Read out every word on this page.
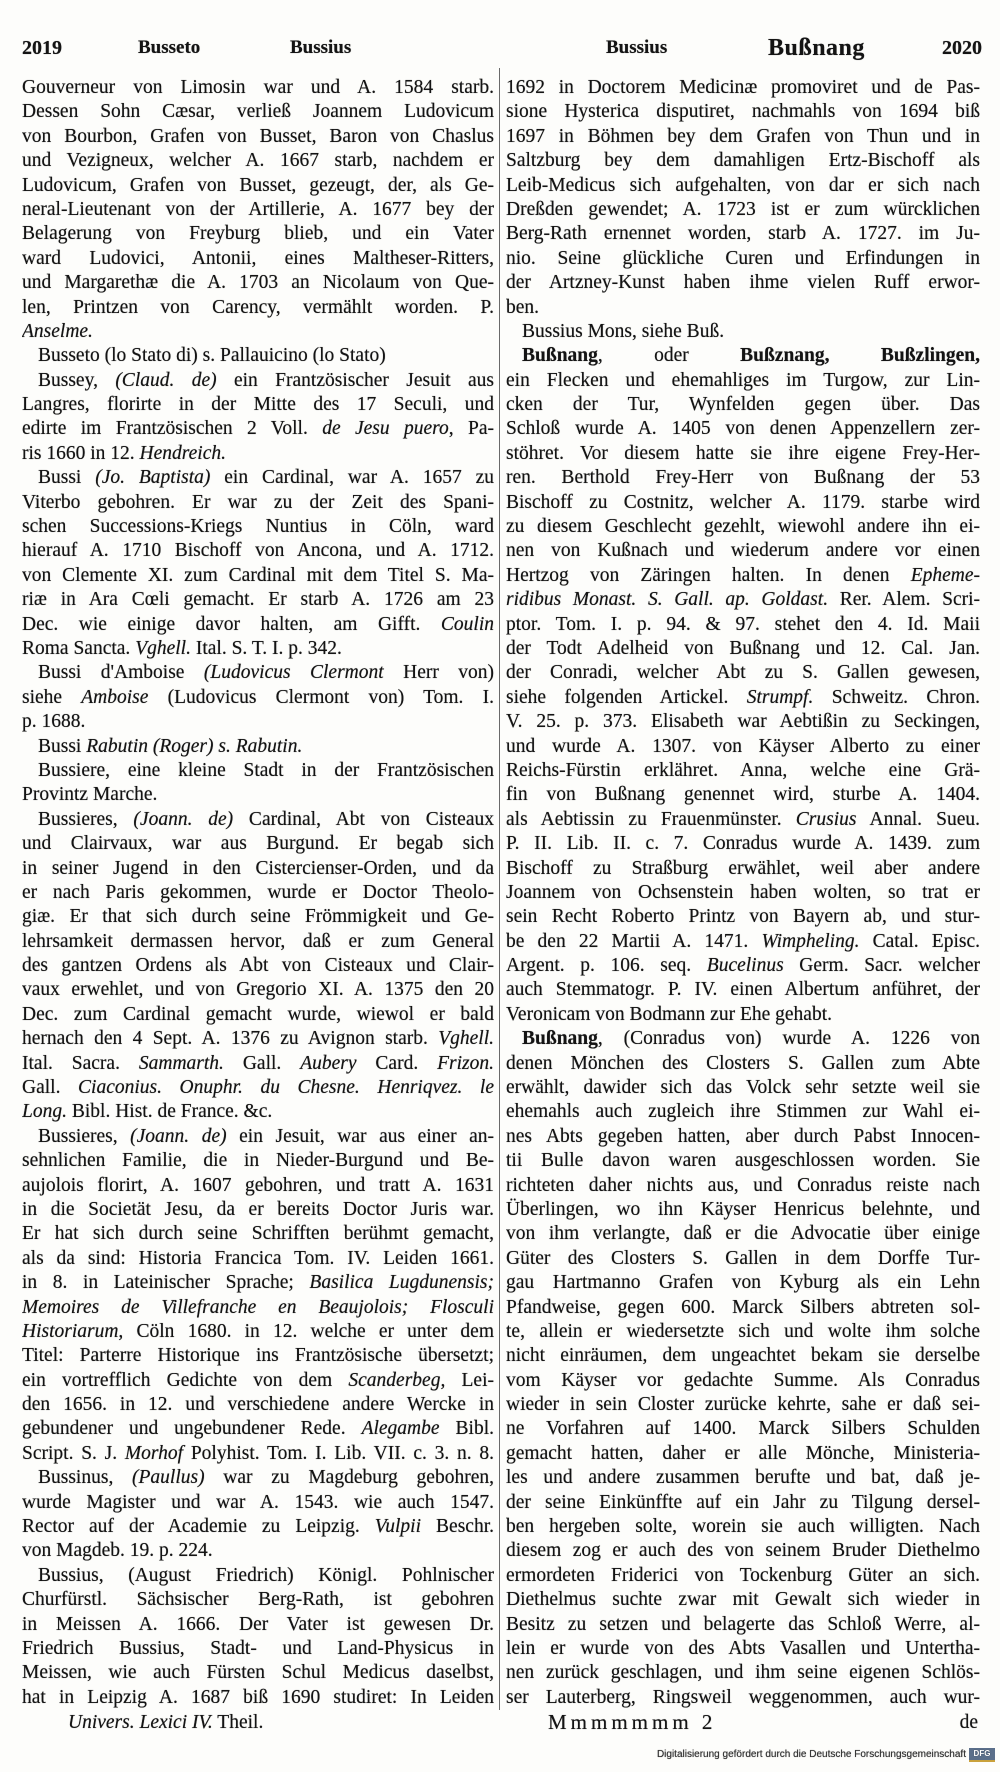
2019	Busseto	Bussius	Bussius	Bußnang	2020
Gouverneur von Limosin war und A. 1584 starb.
Dessen Sohn Cæsar, verließ Joannem Ludovicum
von Bourbon, Grafen von Busset, Baron von Chaslus
und Vezigneux, welcher A. 1667 starb, nachdem er
Ludovicum, Grafen von Busset, gezeugt, der, als Ge-
neral-Lieutenant von der Artillerie, A. 1677 bey der
Belagerung von Freyburg blieb, und ein Vater
ward Ludovici, Antonii, eines Maltheser-Ritters,
und Margarethæ die A. 1703 an Nicolaum von Que-
len, Printzen von Carency, vermählt worden. P.
Anselme.
Busseto (lo Stato di) s. Pallauicino (lo Stato)
Bussey, (Claud. de) ein Frantzösischer Jesuit aus
Langres, florirte in der Mitte des 17 Seculi, und
edirte im Frantzösischen 2 Voll. de Jesu puero, Pa-
ris 1660 in 12. Hendreich.
Bussi (Jo. Baptista) ein Cardinal, war A. 1657 zu
Viterbo gebohren. Er war zu der Zeit des Spani-
schen Successions-Kriegs Nuntius in Cöln, ward
hierauf A. 1710 Bischoff von Ancona, und A. 1712.
von Clemente XI. zum Cardinal mit dem Titel S. Ma-
riæ in Ara Cœli gemacht. Er starb A. 1726 am 23
Dec. wie einige davor halten, am Gifft. Coulin
Roma Sancta. Vghell. Ital. S. T. I. p. 342.
Bussi d'Amboise (Ludovicus Clermont Herr von)
siehe Amboise (Ludovicus Clermont von) Tom. I.
p. 1688.
Bussi Rabutin (Roger) s. Rabutin.
Bussiere, eine kleine Stadt in der Frantzösischen
Provintz Marche.
Bussieres, (Joann. de) Cardinal, Abt von Cisteaux
und Clairvaux, war aus Burgund. Er begab sich
in seiner Jugend in den Cistercienser-Orden, und da
er nach Paris gekommen, wurde er Doctor Theolo-
giæ. Er that sich durch seine Frömmigkeit und Ge-
lehrsamkeit dermassen hervor, daß er zum General
des gantzen Ordens als Abt von Cisteaux und Clair-
vaux erwehlet, und von Gregorio XI. A. 1375 den 20
Dec. zum Cardinal gemacht wurde, wiewol er bald
hernach den 4 Sept. A. 1376 zu Avignon starb. Vghell.
Ital. Sacra. Sammarth. Gall. Aubery Card. Frizon.
Gall. Ciaconius. Onuphr. du Chesne. Henriqvez. le
Long. Bibl. Hist. de France. &c.
Bussieres, (Joann. de) ein Jesuit, war aus einer an-
sehnlichen Familie, die in Nieder-Burgund und Be-
aujolois florirt, A. 1607 gebohren, und tratt A. 1631
in die Societät Jesu, da er bereits Doctor Juris war.
Er hat sich durch seine Schrifften berühmt gemacht,
als da sind: Historia Francica Tom. IV. Leiden 1661.
in 8. in Lateinischer Sprache; Basilica Lugdunensis;
Memoires de Villefranche en Beaujolois; Flosculi
Historiarum, Cöln 1680. in 12. welche er unter dem
Titel: Parterre Historique ins Frantzösische übersetzt;
ein vortrefflich Gedichte von dem Scanderbeg, Lei-
den 1656. in 12. und verschiedene andere Wercke in
gebundener und ungebundener Rede. Alegambe Bibl.
Script. S. J. Morhof Polyhist. Tom. I. Lib. VII. c. 3. n. 8.
Bussinus, (Paullus) war zu Magdeburg gebohren,
wurde Magister und war A. 1543. wie auch 1547.
Rector auf der Academie zu Leipzig. Vulpii Beschr.
von Magdeb. 19. p. 224.
Bussius, (August Friedrich) Königl. Pohlnischer
Churfürstl. Sächsischer Berg-Rath, ist gebohren
in Meissen A. 1666. Der Vater ist gewesen Dr.
Friedrich Bussius, Stadt- und Land-Physicus in
Meissen, wie auch Fürsten Schul Medicus daselbst,
hat in Leipzig A. 1687 biß 1690 studiret: In Leiden
1692 in Doctorem Medicinæ promoviret und de Pas-
sione Hysterica disputiret, nachmahls von 1694 biß
1697 in Böhmen bey dem Grafen von Thun und in
Saltzburg bey dem damahligen Ertz-Bischoff als
Leib-Medicus sich aufgehalten, von dar er sich nach
Dreßden gewendet; A. 1723 ist er zum würcklichen
Berg-Rath ernennet worden, starb A. 1727. im Ju-
nio. Seine glückliche Curen und Erfindungen in
der Artzney-Kunst haben ihme vielen Ruff erwor-
ben.
Bussius Mons, siehe Buß.
Bußnang, oder Bußznang, Bußzlingen,
ein Flecken und ehemahliges im Turgow, zur Lin-
cken der Tur, Wynfelden gegen über. Das
Schloß wurde A. 1405 von denen Appenzellern zer-
stöhret. Vor diesem hatte sie ihre eigene Frey-Her-
ren. Berthold Frey-Herr von Bußnang der 53
Bischoff zu Costnitz, welcher A. 1179. starbe wird
zu diesem Geschlecht gezehlt, wiewohl andere ihn ei-
nen von Kußnach und wiederum andere vor einen
Hertzog von Zäringen halten. In denen Epheme-
ridibus Monast. S. Gall. ap. Goldast. Rer. Alem. Scri-
ptor. Tom. I. p. 94. & 97. stehet den 4. Id. Maii
der Todt Adelheid von Bußnang und 12. Cal. Jan.
der Conradi, welcher Abt zu S. Gallen gewesen,
siehe folgenden Artickel. Strumpf. Schweitz. Chron.
V. 25. p. 373. Elisabeth war Aebtißin zu Seckingen,
und wurde A. 1307. von Käyser Alberto zu einer
Reichs-Fürstin erklähret. Anna, welche eine Grä-
fin von Bußnang genennet wird, sturbe A. 1404.
als Aebtissin zu Frauenmünster. Crusius Annal. Sueu.
P. II. Lib. II. c. 7. Conradus wurde A. 1439. zum
Bischoff zu Straßburg erwählet, weil aber andere
Joannem von Ochsenstein haben wolten, so trat er
sein Recht Roberto Printz von Bayern ab, und stur-
be den 22 Martii A. 1471. Wimpheling. Catal. Episc.
Argent. p. 106. seq. Bucelinus Germ. Sacr. welcher
auch Stemmatogr. P. IV. einen Albertum anführet, der
Veronicam von Bodmann zur Ehe gehabt.
Bußnang, (Conradus von) wurde A. 1226 von
denen Mönchen des Closters S. Gallen zum Abte
erwählt, dawider sich das Volck sehr setzte weil sie
ehemahls auch zugleich ihre Stimmen zur Wahl ei-
nes Abts gegeben hatten, aber durch Pabst Innocen-
tii Bulle davon waren ausgeschlossen worden. Sie
richteten daher nichts aus, und Conradus reiste nach
Überlingen, wo ihn Käyser Henricus belehnte, und
von ihm verlangte, daß er die Advocatie über einige
Güter des Closters S. Gallen in dem Dorffe Tur-
gau Hartmanno Grafen von Kyburg als ein Lehn
Pfandweise, gegen 600. Marck Silbers abtreten sol-
te, allein er wiedersetzte sich und wolte ihm solche
nicht einräumen, dem ungeachtet bekam sie derselbe
vom Käyser vor gedachte Summe. Als Conradus
wieder in sein Closter zurücke kehrte, sahe er daß sei-
ne Vorfahren auf 1400. Marck Silbers Schulden
gemacht hatten, daher er alle Mönche, Ministeria-
les und andere zusammen berufte und bat, daß je-
der seine Einkünffte auf ein Jahr zu Tilgung dersel-
ben hergeben solte, worein sie auch willigten. Nach
diesem zog er auch des von seinem Bruder Diethelmo
ermordeten Friderici von Tockenburg Güter an sich.
Diethelmus suchte zwar mit Gewalt sich wieder in
Besitz zu setzen und belagerte das Schloß Werre, al-
lein er wurde von des Abts Vasallen und Untertha-
nen zurück geschlagen, und ihm seine eigenen Schlös-
ser Lauterberg, Ringsweil weggenommen, auch wur-
Univers. Lexici IV. Theil.	Mmmmmmm 2	de
Digitalisierung gefördert durch die Deutsche Forschungsgemeinschaft DFG
